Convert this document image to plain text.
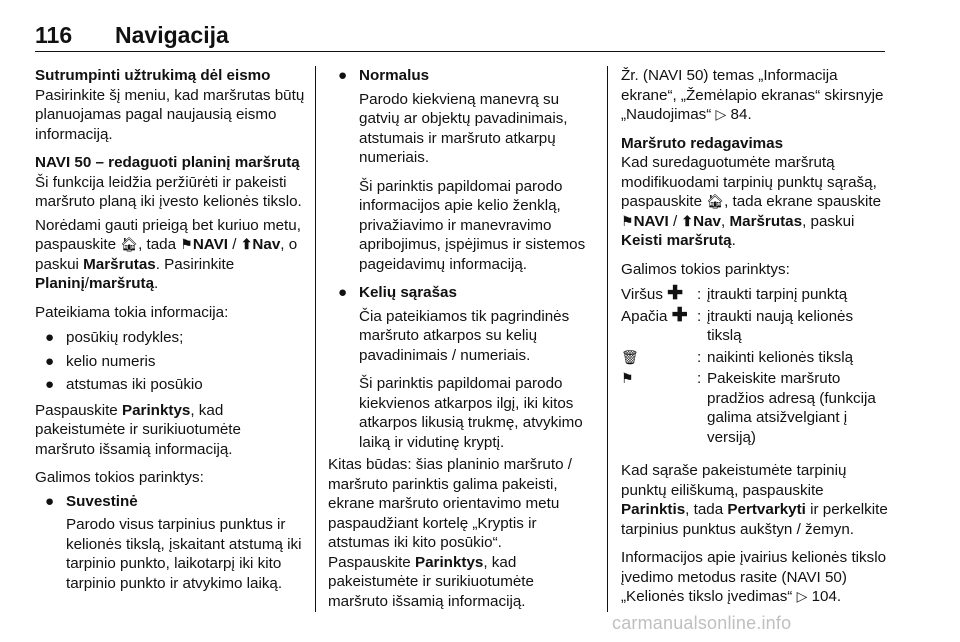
116 Navigacija

Sutrumpinti užtrukimą dėl eismo
Pasirinkite šį meniu, kad maršrutas būtų planuojamas pagal naujausią eismo informaciją.

NAVI 50 – redaguoti planinį maršrutą
Ši funkcija leidžia peržiūrėti ir pakeisti maršruto planą iki įvesto kelionės tikslo.

Norėdami gauti prieigą bet kuriuo metu, paspauskite 🏠︎, tada ⚑NAVI / ⬆︎Nav, o paskui Maršrutas. Pasirinkite Planinį/maršrutą.

Pateikiama tokia informacija:

● posūkių rodykles;
● kelio numeris
● atstumas iki posūkio

Paspauskite Parinktys, kad pakeistumėte ir surikiuotumėte maršruto išsamią informaciją.

Galimos tokios parinktys:

● Suvestinė
Parodo visus tarpinius punktus ir kelionės tikslą, įskaitant atstumą iki tarpinio punkto, laikotarpį iki kito tarpinio punkto ir atvykimo laiką.
● Normalus
Parodo kiekvieną manevrą su gatvių ar objektų pavadinimais, atstumais ir maršruto atkarpų numeriais.
Ši parinktis papildomai parodo informacijos apie kelio ženklą, privažiavimo ir manevravimo apribojimus, įspėjimus ir sistemos pageidavimų informaciją.
● Kelių sąrašas
Čia pateikiamos tik pagrindinės maršruto atkarpos su kelių pavadinimais / numeriais.
Ši parinktis papildomai parodo kiekvienos atkarpos ilgį, iki kitos atkarpos likusią trukmę, atvykimo laiką ir vidutinę kryptį.

Kitas būdas: šias planinio maršruto / maršruto parinktis galima pakeisti, ekrane maršruto orientavimo metu paspaudžiant kortelę „Kryptis ir atstumas iki kito posūkio“.

Paspauskite Parinktys, kad pakeistumėte ir surikiuotumėte maršruto išsamią informaciją.

Žr. (NAVI 50) temas „Informacija ekrane“, „Žemėlapio ekranas“ skirsnyje „Naudojimas“ ▷ 84.

Maršruto redagavimas
Kad suredaguotumėte maršrutą modifikuodami tarpinių punktų sąrašą, paspauskite 🏠︎, tada ekrane spauskite ⚑NAVI / ⬆︎Nav, Maršrutas, paskui Keisti maršrutą.

Galimos tokios parinktys:

Viršus ✚	:	įtraukti tarpinį punktą
Apačia ✚	:	įtraukti naują kelionės tikslą
🗑︎	:	naikinti kelionės tikslą
⚑	:	Pakeiskite maršruto pradžios adresą (funkcija galima atsižvelgiant į versiją)

Kad sąraše pakeistumėte tarpinių punktų eiliškumą, paspauskite Parinktis, tada Pertvarkyti ir perkelkite tarpinius punktus aukštyn / žemyn.

Informacijos apie įvairius kelionės tikslo įvedimo metodus rasite (NAVI 50) „Kelionės tikslo įvedimas“ ▷ 104.

carmanualsonline.info
